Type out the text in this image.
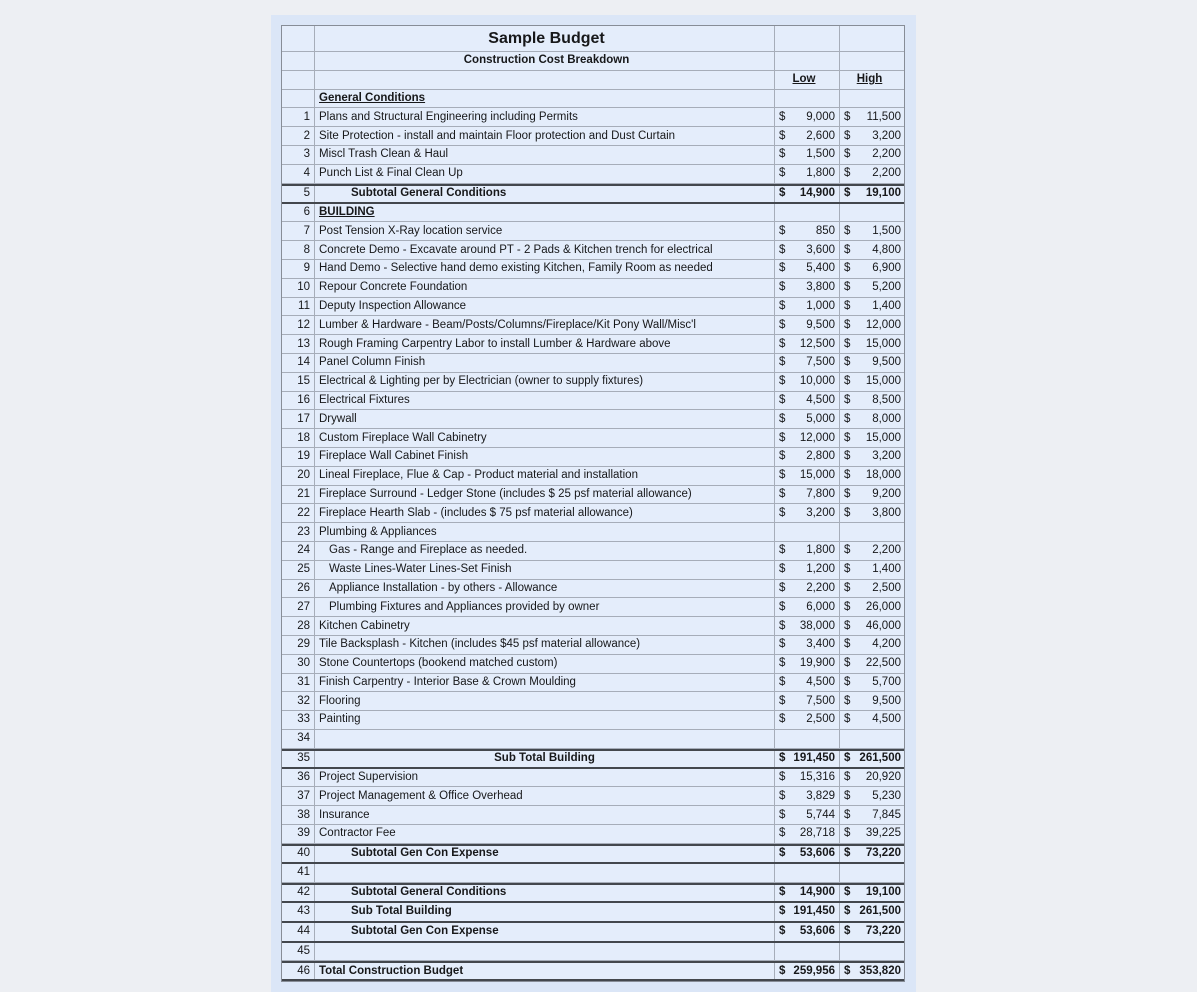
Sample Budget
Construction Cost Breakdown
Low	High
General Conditions
1 Plans and Structural Engineering including Permits	$ 9,000 $ 11,500
2 Site Protection - install and maintain Floor protection and Dust Curtain	$ 2,600 $ 3,200
3 Miscl Trash Clean & Haul	$ 1,500 $ 2,200
4 Punch List & Final Clean Up	$ 1,800 $ 2,200
5	Subtotal General Conditions	$ 14,900 $ 19,100
6 BUILDING
7 Post Tension X-Ray location service	$	850 $ 1,500
8 Concrete Demo - Excavate around PT - 2 Pads & Kitchen trench for electrical	$ 3,600 $ 4,800
9 Hand Demo - Selective hand demo existing Kitchen, Family Room as needed	$ 5,400 $ 6,900
10 Repour Concrete Foundation	$ 3,800 $ 5,200
11 Deputy Inspection Allowance	$ 1,000 $ 1,400
12 Lumber & Hardware - Beam/Posts/Columns/Fireplace/Kit Pony Wall/Misc'l	$ 9,500 $ 12,000
13 Rough Framing Carpentry Labor to install Lumber & Hardware above	$ 12,500 $ 15,000
14 Panel Column Finish	$ 7,500 $ 9,500
15 Electrical & Lighting per by Electrician (owner to supply fixtures)	$ 10,000 $ 15,000
16 Electrical Fixtures	$ 4,500 $ 8,500
17 Drywall	$ 5,000 $ 8,000
18 Custom Fireplace Wall Cabinetry	$ 12,000 $ 15,000
19 Fireplace Wall Cabinet Finish	$ 2,800 $ 3,200
20 Lineal Fireplace, Flue & Cap - Product material and installation	$ 15,000 $ 18,000
21 Fireplace Surround - Ledger Stone (includes $ 25 psf material allowance)	$ 7,800 $ 9,200
22 Fireplace Hearth Slab - (includes $ 75 psf material allowance)	$ 3,200 $ 3,800
23 Plumbing & Appliances
24	Gas - Range and Fireplace as needed.	$ 1,800 $ 2,200
25	Waste Lines-Water Lines-Set Finish	$ 1,200 $ 1,400
26	Appliance Installation - by others - Allowance	$ 2,200 $ 2,500
27	Plumbing Fixtures and Appliances provided by owner	$ 6,000 $ 26,000
28 Kitchen Cabinetry	$ 38,000 $ 46,000
29 Tile Backsplash - Kitchen (includes $45 psf material allowance)	$ 3,400 $ 4,200
30 Stone Countertops (bookend matched custom)	$ 19,900 $ 22,500
31 Finish Carpentry - Interior Base & Crown Moulding	$ 4,500 $ 5,700
32 Flooring	$ 7,500 $ 9,500
33 Painting	$ 2,500 $ 4,500
34
35	Sub Total Building	$ 191,450 $ 261,500
36 Project Supervision	$ 15,316 $ 20,920
37 Project Management & Office Overhead	$ 3,829 $ 5,230
38 Insurance	$ 5,744 $ 7,845
39 Contractor Fee	$ 28,718 $ 39,225
40	Subtotal Gen Con Expense	$ 53,606 $ 73,220
41
42	Subtotal General Conditions	$ 14,900 $ 19,100
43	Sub Total Building	$ 191,450 $ 261,500
44	Subtotal Gen Con Expense	$ 53,606 $ 73,220
45
46 Total Construction Budget	$ 259,956 $ 353,820
